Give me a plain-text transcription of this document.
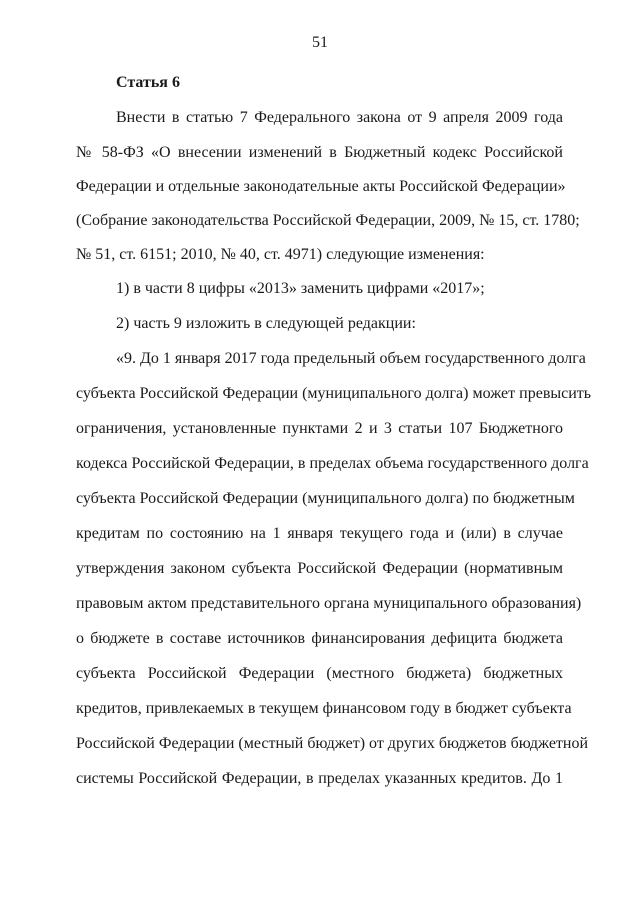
51
Статья 6
Внести в статью 7 Федерального закона от 9 апреля 2009 года
№ 58-ФЗ «О внесении изменений в Бюджетный кодекс Российской
Федерации и отдельные законодательные акты Российской Федерации»
(Собрание законодательства Российской Федерации, 2009, № 15, ст. 1780;
№ 51, ст. 6151; 2010, № 40, ст. 4971) следующие изменения:
1) в части 8 цифры «2013» заменить цифрами «2017»;
2) часть 9 изложить в следующей редакции:
«9. До 1 января 2017 года предельный объем государственного долга
субъекта Российской Федерации (муниципального долга) может превысить
ограничения, установленные пунктами 2 и 3 статьи 107 Бюджетного
кодекса Российской Федерации, в пределах объема государственного долга
субъекта Российской Федерации (муниципального долга) по бюджетным
кредитам по состоянию на 1 января текущего года и (или) в случае
утверждения законом субъекта Российской Федерации (нормативным
правовым актом представительного органа муниципального образования)
о бюджете в составе источников финансирования дефицита бюджета
субъекта Российской Федерации (местного бюджета) бюджетных
кредитов, привлекаемых в текущем финансовом году в бюджет субъекта
Российской Федерации (местный бюджет) от других бюджетов бюджетной
системы Российской Федерации, в пределах указанных кредитов. До 1
